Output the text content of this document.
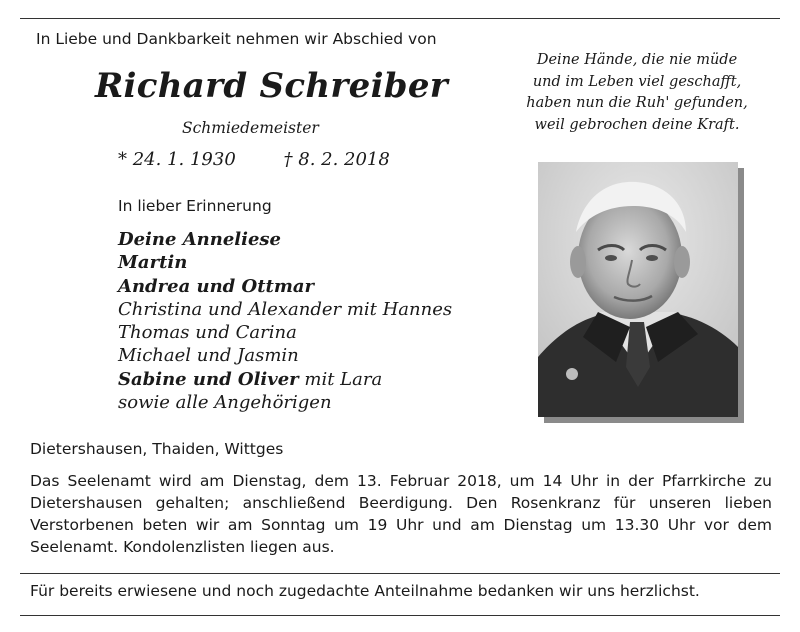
In Liebe und Dankbarkeit nehmen wir Abschied von
Richard Schreiber
Schmiedemeister
* 24. 1. 1930	† 8. 2. 2018
Deine Hände, die nie müde
und im Leben viel geschafft,
haben nun die Ruh' gefunden,
weil gebrochen deine Kraft.
In lieber Erinnerung
Deine Anneliese
Martin
Andrea und Ottmar
Christina und Alexander mit Hannes
Thomas und Carina
Michael und Jasmin
Sabine und Oliver mit Lara
sowie alle Angehörigen
Dietershausen, Thaiden, Wittges
Das Seelenamt wird am Dienstag, dem 13. Februar 2018, um 14 Uhr in der Pfarrkirche zu
Dietershausen gehalten; anschließend Beerdigung. Den Rosenkranz für unseren lieben
Verstorbenen beten wir am Sonntag um 19 Uhr und am Dienstag um 13.30 Uhr vor dem
Seelenamt. Kondolenzlisten liegen aus.
Für bereits erwiesene und noch zugedachte Anteilnahme bedanken wir uns herzlichst.
